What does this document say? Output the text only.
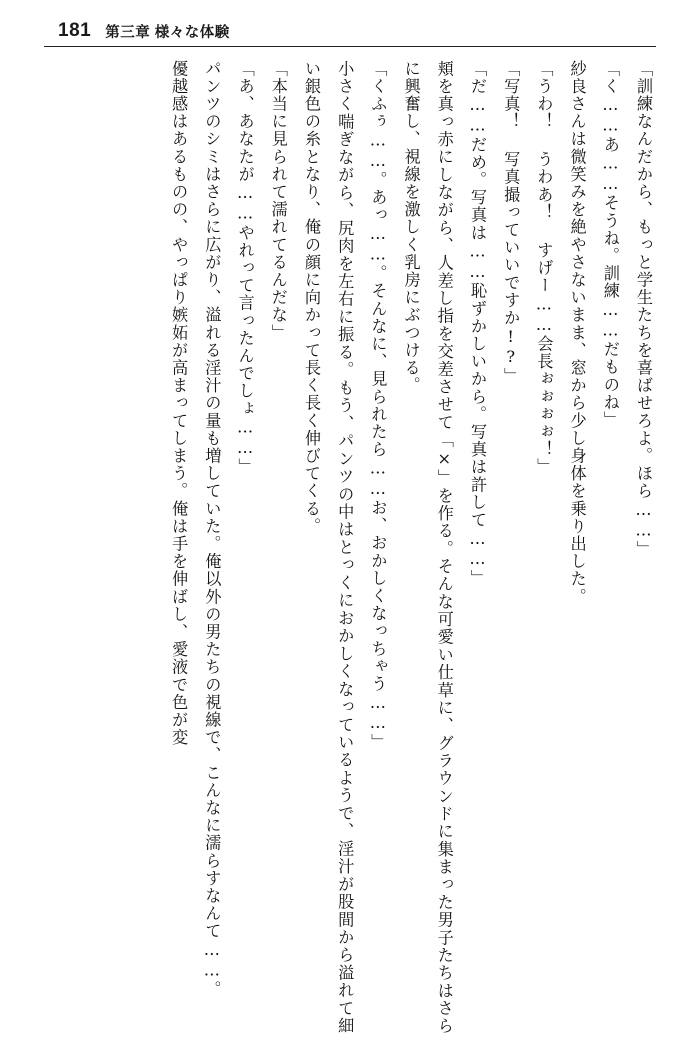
181 第三章 様々な体験

「訓練なんだから、もっと学生たちを喜ばせろよ。ほら……」

「く……あ……そうね。訓練……だものね」

紗良さんは微笑みを絶やさないまま、窓から少し身体を乗り出した。

「うわ！ うわあ！ すげー……会長ぉぉぉぉ！」

「写真！ 写真撮っていいですか!?」

「だ……だめ。写真は……恥ずかしいから。写真は許して……」

頬を真っ赤にしながら、人差し指を交差させて「×」を作る。そんな可愛い仕草に、グラウンドに集まった男子たちはさらに興奮し、視線を激しく乳房にぶつける。

「くふぅ……。あっ……。そんなに、見られたら……お、おかしくなっちゃう……」

小さく喘ぎながら、尻肉を左右に振る。もう、パンツの中はとっくにおかしくなっているようで、淫汁が股間から溢れて細い銀色の糸となり、俺の顔に向かって長く長く伸びてくる。

「本当に見られて濡れてるんだな」

「あ、あなたが……やれって言ったんでしょ……」

パンツのシミはさらに広がり、溢れる淫汁の量も増していた。俺以外の男たちの視線で、こんなに濡らすなんて……。

優越感はあるものの、やっぱり嫉妬が高まってしまう。俺は手を伸ばし、愛液で色が変
